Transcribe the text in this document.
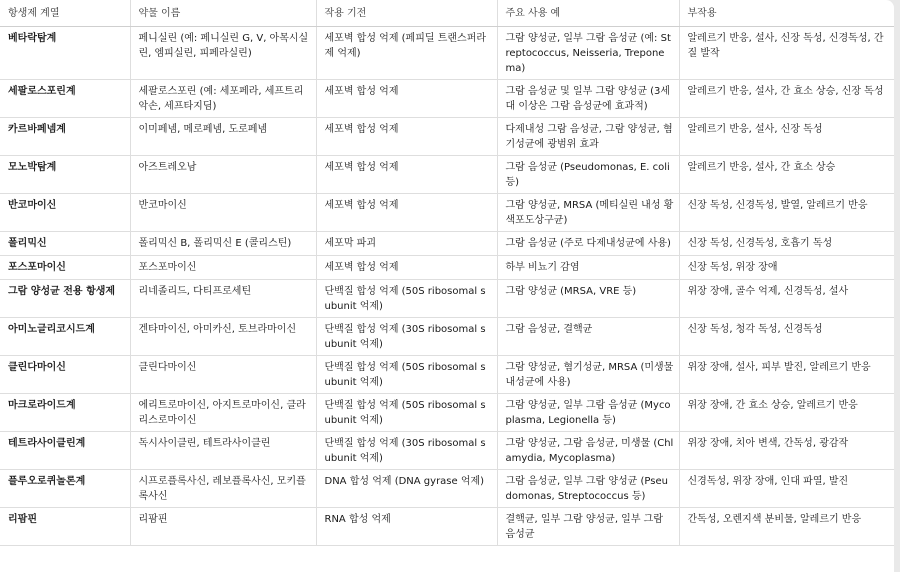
항생제 계열	약물 이름	작용 기전	주요 사용 예	부작용
베타락탐계	페니실린 (예: 페니실린 G, V, 아목시실린, 엠피실린, 피페라실린)	세포벽 합성 억제 (페피딜 트랜스퍼라제 억제)	그람 양성균, 일부 그람 음성균 (예: Streptococcus, Neisseria, Treponema)	알레르기 반응, 설사, 신장 독성, 신경독성, 간질 발작
세팔로스포린계	세팔로스포린 (예: 세포페라, 세프트리악손, 세프타지딤)	세포벽 합성 억제	그람 음성균 및 일부 그람 양성균 (3세대 이상은 그람 음성균에 효과적)	알레르기 반응, 설사, 간 효소 상승, 신장 독성
카르바페넴계	이미페넴, 메로페넴, 도로페넴	세포벽 합성 억제	다제내성 그람 음성균, 그람 양성균, 혐기성균에 광범위 효과	알레르기 반응, 설사, 신장 독성
모노박탐계	아즈트레오남	세포벽 합성 억제	그람 음성균 (Pseudomonas, E. coli 등)	알레르기 반응, 설사, 간 효소 상승
반코마이신	반코마이신	세포벽 합성 억제	그람 양성균, MRSA (메티실린 내성 황색포도상구균)	신장 독성, 신경독성, 발열, 알레르기 반응
폴리믹신	폴리믹신 B, 폴리믹신 E (콜리스틴)	세포막 파괴	그람 음성균 (주로 다제내성균에 사용)	신장 독성, 신경독성, 호흡기 독성
포스포마이신	포스포마이신	세포벽 합성 억제	하부 비뇨기 감염	신장 독성, 위장 장애
그람 양성균 전용 항생제	리네졸리드, 다티프로세틴	단백질 합성 억제 (50S ribosomal subunit 억제)	그람 양성균 (MRSA, VRE 등)	위장 장애, 골수 억제, 신경독성, 설사
아미노글리코시드계	겐타마이신, 아미카신, 토브라마이신	단백질 합성 억제 (30S ribosomal subunit 억제)	그람 음성균, 결핵균	신장 독성, 청각 독성, 신경독성
클린다마이신	클린다마이신	단백질 합성 억제 (50S ribosomal subunit 억제)	그람 양성균, 혐기성균, MRSA (미생물 내성균에 사용)	위장 장애, 설사, 피부 발진, 알레르기 반응
마크로라이드계	에리트로마이신, 아지트로마이신, 클라리스로마이신	단백질 합성 억제 (50S ribosomal subunit 억제)	그람 양성균, 일부 그람 음성균 (Mycoplasma, Legionella 등)	위장 장애, 간 효소 상승, 알레르기 반응
테트라사이클린계	독시사이클린, 테트라사이클린	단백질 합성 억제 (30S ribosomal subunit 억제)	그람 양성균, 그람 음성균, 미생물 (Chlamydia, Mycoplasma)	위장 장애, 치아 변색, 간독성, 광감작
플루오로퀴놀론계	시프로플록사신, 레보플록사신, 모키플록사신	DNA 합성 억제 (DNA gyrase 억제)	그람 음성균, 일부 그람 양성균 (Pseudomonas, Streptococcus 등)	신경독성, 위장 장애, 인대 파열, 발진
리팜핀	리팜핀	RNA 합성 억제	결핵균, 일부 그람 양성균, 일부 그람 음성균	간독성, 오렌지색 분비물, 알레르기 반응
